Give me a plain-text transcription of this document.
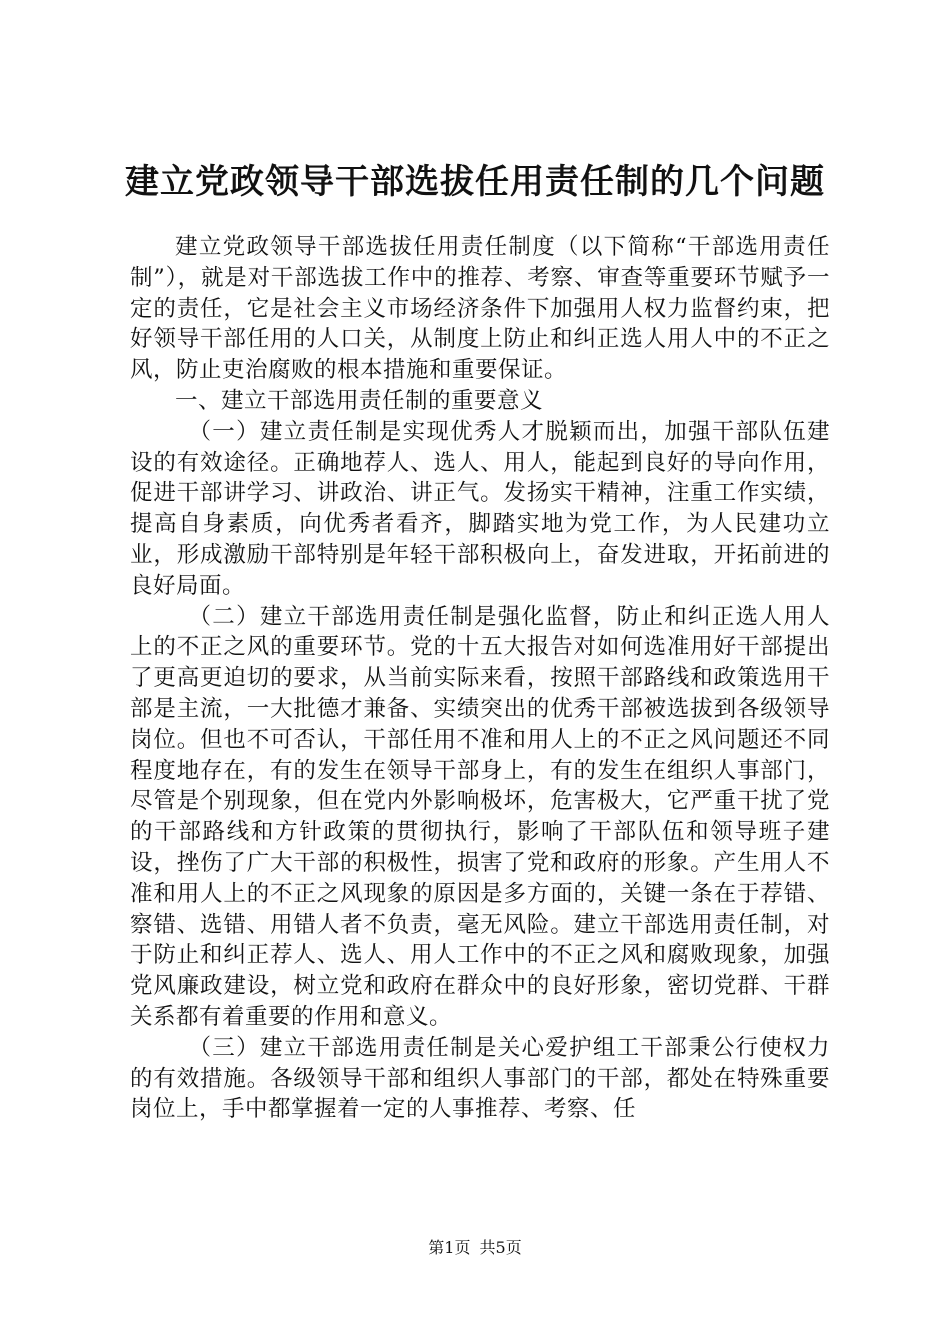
建立党政领导干部选拔任用责任制的几个问题

建立党政领导干部选拔任用责任制度（以下简称“干部选用责任制”），就是对干部选拔工作中的推荐、考察、审查等重要环节赋予一定的责任，它是社会主义市场经济条件下加强用人权力监督约束，把好领导干部任用的人口关，从制度上防止和纠正选人用人中的不正之风，防止吏治腐败的根本措施和重要保证。

一、建立干部选用责任制的重要意义

（一）建立责任制是实现优秀人才脱颖而出，加强干部队伍建设的有效途径。正确地荐人、选人、用人，能起到良好的导向作用，促进干部讲学习、讲政治、讲正气。发扬实干精神，注重工作实绩，提高自身素质，向优秀者看齐，脚踏实地为党工作，为人民建功立业，形成激励干部特别是年轻干部积极向上，奋发进取，开拓前进的良好局面。

（二）建立干部选用责任制是强化监督，防止和纠正选人用人上的不正之风的重要环节。党的十五大报告对如何选准用好干部提出了更高更迫切的要求，从当前实际来看，按照干部路线和政策选用干部是主流，一大批德才兼备、实绩突出的优秀干部被选拔到各级领导岗位。但也不可否认，干部任用不准和用人上的不正之风问题还不同程度地存在，有的发生在领导干部身上，有的发生在组织人事部门，尽管是个别现象，但在党内外影响极坏，危害极大，它严重干扰了党的干部路线和方针政策的贯彻执行，影响了干部队伍和领导班子建设，挫伤了广大干部的积极性，损害了党和政府的形象。产生用人不准和用人上的不正之风现象的原因是多方面的，关键一条在于荐错、察错、选错、用错人者不负责，毫无风险。建立干部选用责任制，对于防止和纠正荐人、选人、用人工作中的不正之风和腐败现象，加强党风廉政建设，树立党和政府在群众中的良好形象，密切党群、干群关系都有着重要的作用和意义。

（三）建立干部选用责任制是关心爱护组工干部秉公行使权力的有效措施。各级领导干部和组织人事部门的干部，都处在特殊重要岗位上，手中都掌握着一定的人事推荐、考察、任

第1页 共5页
